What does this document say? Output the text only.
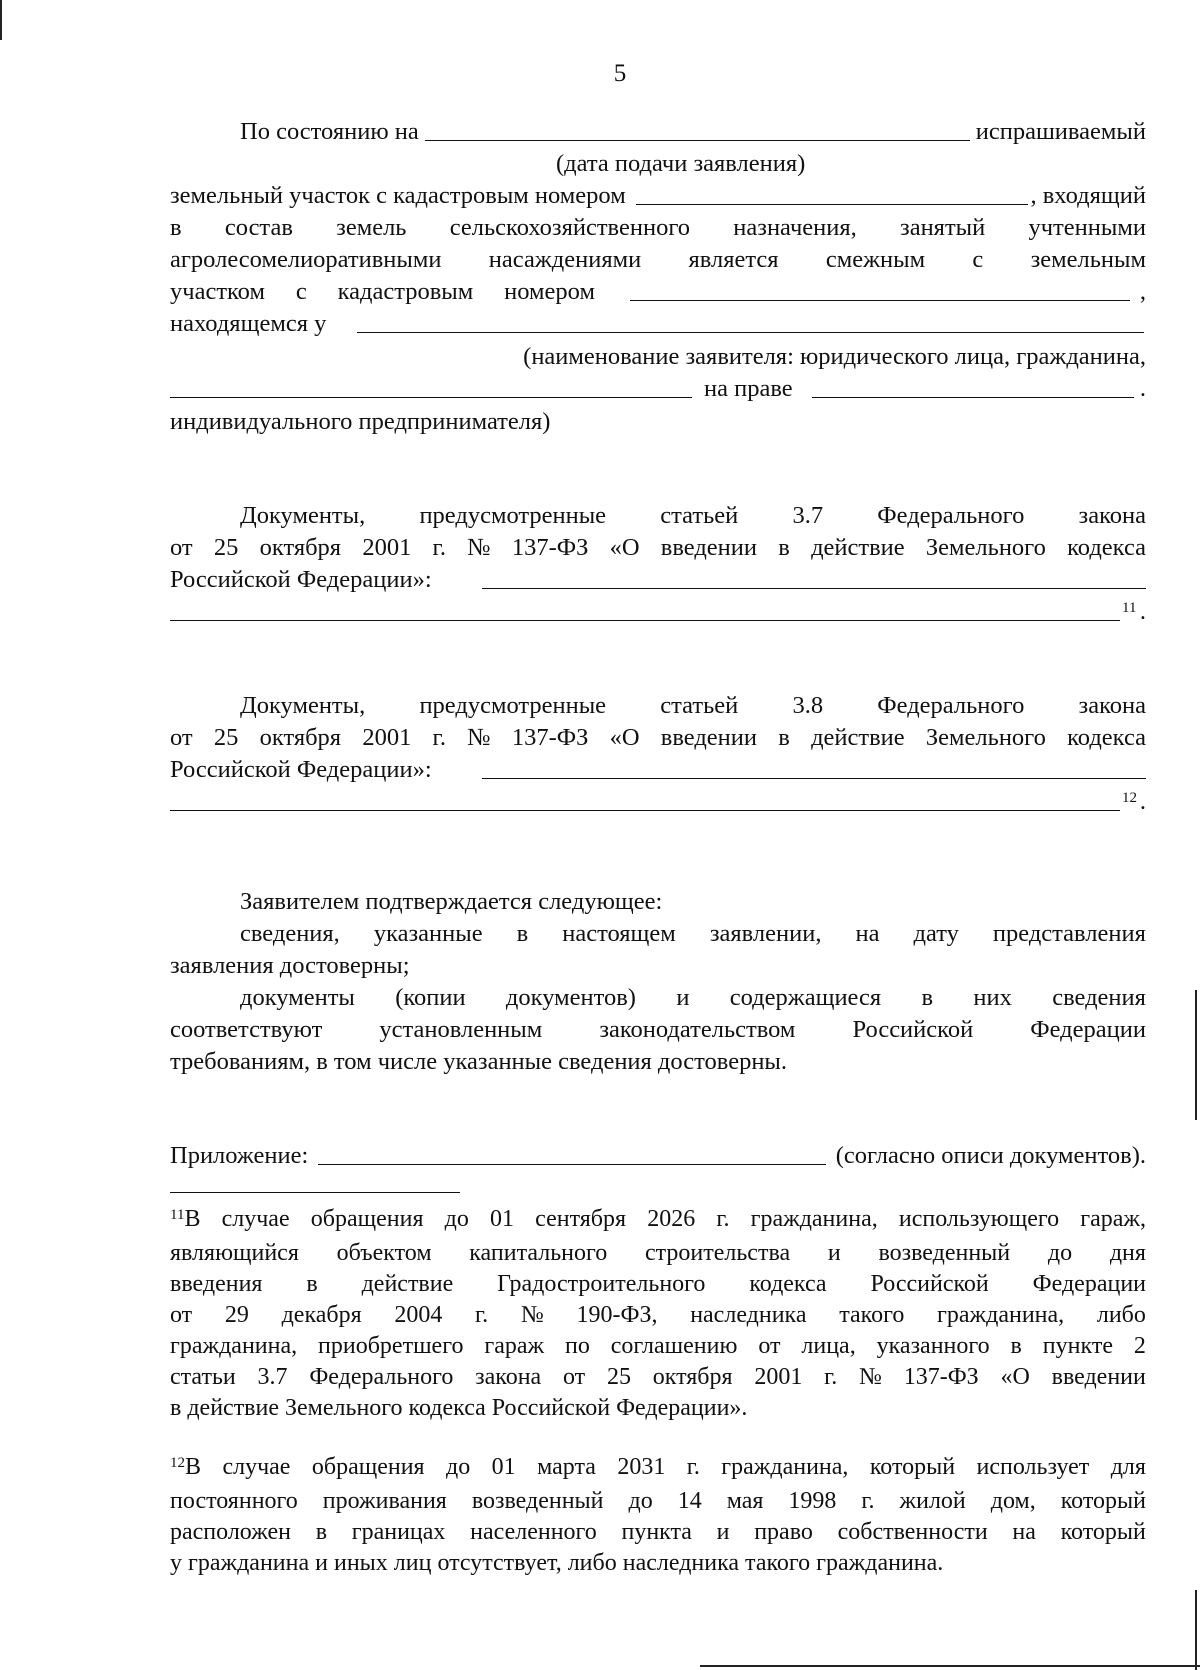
5
По состоянию на	испрашиваемый
(дата подачи заявления)
земельный участок с кадастровым номером	, входящий
в состав земель сельскохозяйственного назначения, занятый учтенными
агролесомелиоративными насаждениями является смежным с земельным
участком с кадастровым номером	,
находящемся у
(наименование заявителя: юридического лица, гражданина,
на праве	.
индивидуального предпринимателя)
Документы, предусмотренные статьей 3.7 Федерального закона
от 25 октября 2001 г. № 137-ФЗ «О введении в действие Земельного кодекса
Российской Федерации»:
11 .
Документы, предусмотренные статьей 3.8 Федерального закона
от 25 октября 2001 г. № 137-ФЗ «О введении в действие Земельного кодекса
Российской Федерации»:
12 .
Заявителем подтверждается следующее:
сведения, указанные в настоящем заявлении, на дату представления
заявления достоверны;
документы (копии документов) и содержащиеся в них сведения
соответствуют установленным законодательством Российской Федерации
требованиям, в том числе указанные сведения достоверны.
Приложение:	(согласно описи документов).
$^{11}$В случае обращения до 01 сентября 2026 г. гражданина, использующего гараж,
являющийся объектом капитального строительства и возведенный до дня
введения в действие Градостроительного кодекса Российской Федерации
от 29 декабря 2004 г. № 190-ФЗ, наследника такого гражданина, либо
гражданина, приобретшего гараж по соглашению от лица, указанного в пункте 2
статьи 3.7 Федерального закона от 25 октября 2001 г. № 137-ФЗ «О введении
в действие Земельного кодекса Российской Федерации».
$^{12}$В случае обращения до 01 марта 2031 г. гражданина, который использует для
постоянного проживания возведенный до 14 мая 1998 г. жилой дом, который
расположен в границах населенного пункта и право собственности на который
у гражданина и иных лиц отсутствует, либо наследника такого гражданина.
